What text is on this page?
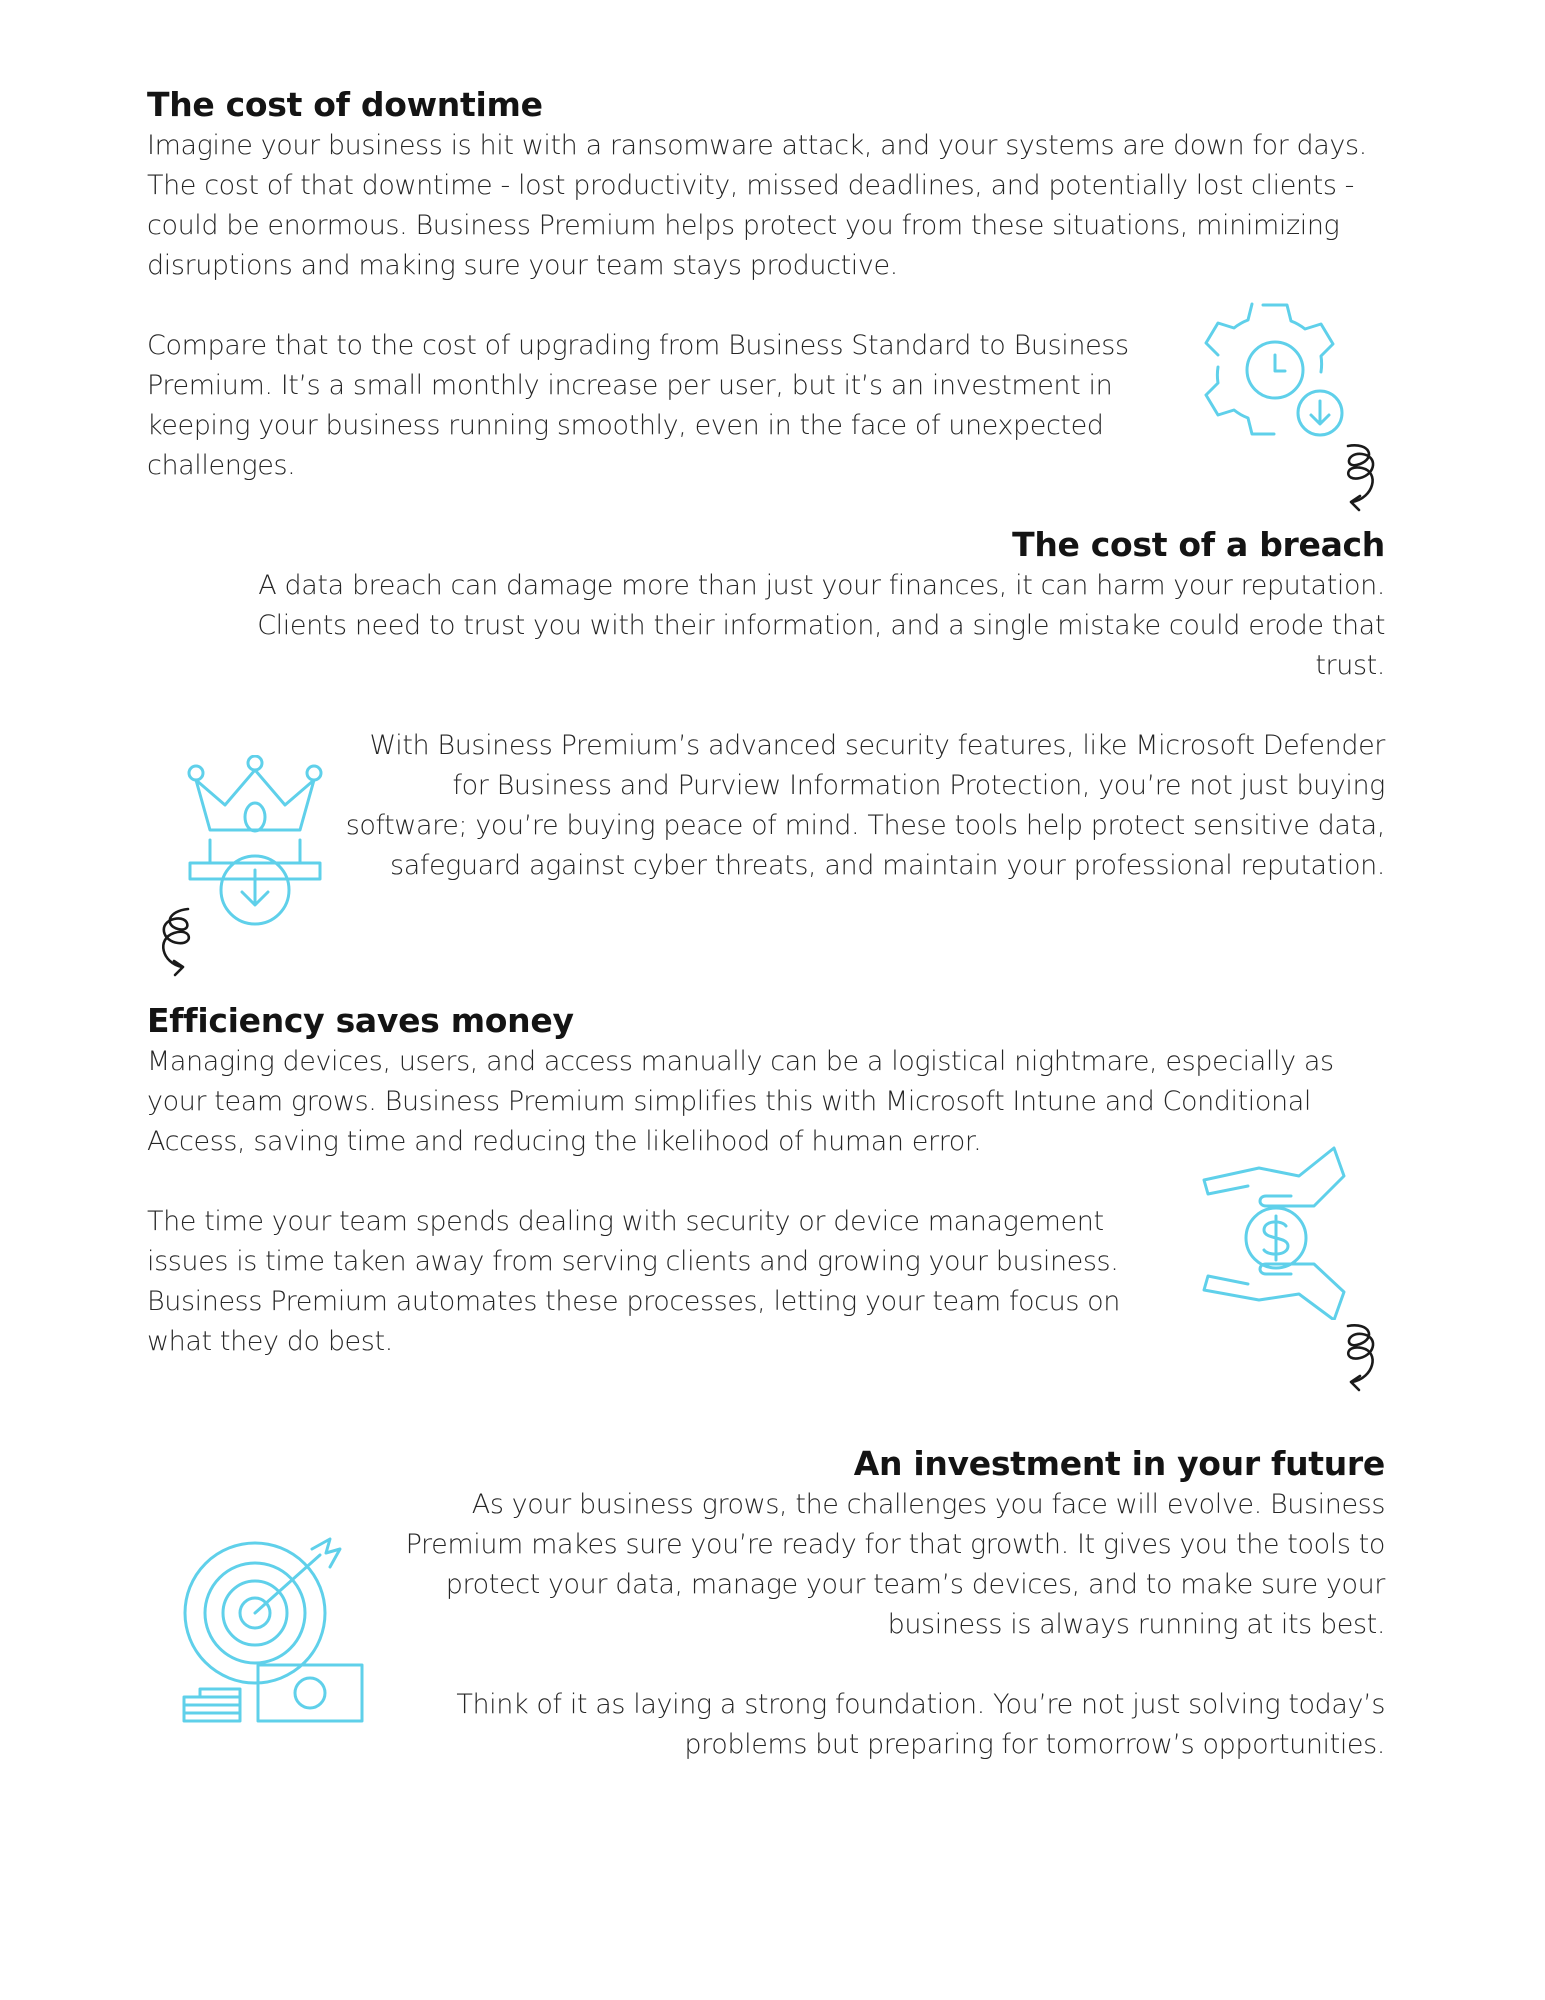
The cost of downtime

Imagine your business is hit with a ransomware attack, and your systems are down for days. The cost of that downtime - lost productivity, missed deadlines, and potentially lost clients - could be enormous. Business Premium helps protect you from these situations, minimizing disruptions and making sure your team stays productive.

Compare that to the cost of upgrading from Business Standard to Business Premium. It’s a small monthly increase per user, but it’s an investment in keeping your business running smoothly, even in the face of unexpected challenges.

The cost of a breach

A data breach can damage more than just your finances, it can harm your reputation. Clients need to trust you with their information, and a single mistake could erode that trust.

With Business Premium’s advanced security features, like Microsoft Defender for Business and Purview Information Protection, you’re not just buying software; you’re buying peace of mind. These tools help protect sensitive data, safeguard against cyber threats, and maintain your professional reputation.

Efficiency saves money

Managing devices, users, and access manually can be a logistical nightmare, especially as your team grows. Business Premium simplifies this with Microsoft Intune and Conditional Access, saving time and reducing the likelihood of human error.

The time your team spends dealing with security or device management issues is time taken away from serving clients and growing your business. Business Premium automates these processes, letting your team focus on what they do best.

An investment in your future

As your business grows, the challenges you face will evolve. Business Premium makes sure you’re ready for that growth. It gives you the tools to protect your data, manage your team’s devices, and to make sure your business is always running at its best.

Think of it as laying a strong foundation. You’re not just solving today’s problems but preparing for tomorrow’s opportunities.
